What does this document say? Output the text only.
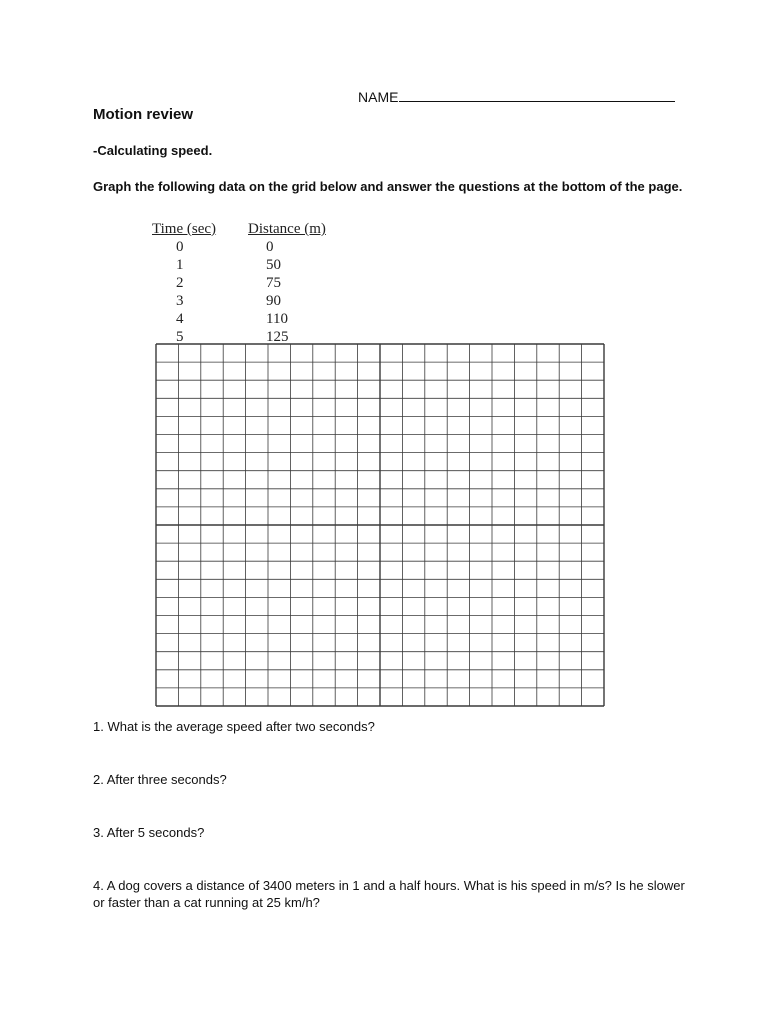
NAME
Motion review
-Calculating speed.
Graph the following data on the grid below and answer the questions at the bottom of the page.
Time (sec)	Distance (m)
0	0
1	50
2	75
3	90
4	110
5	125
1. What is the average speed after two seconds?
2. After three seconds?
3. After 5 seconds?
4. A dog covers a distance of 3400 meters in 1 and a half hours. What is his speed in m/s? Is he slower or faster than a cat running at 25 km/h?
